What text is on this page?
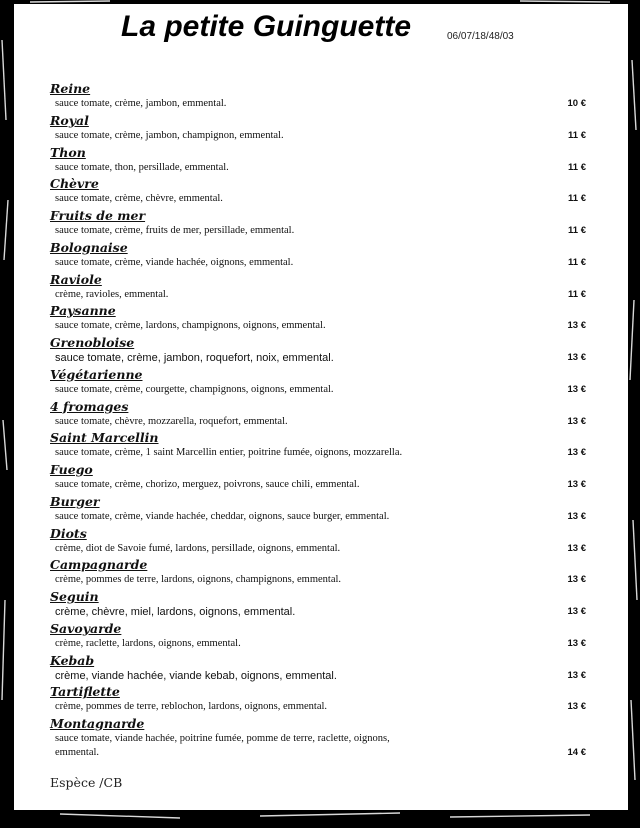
La petite Guinguette	06/07/18/48/03
Reine
sauce tomate, crème, jambon, emmental.	10 €
Royal
sauce tomate, crème, jambon, champignon, emmental.	11 €
Thon
sauce tomate, thon, persillade, emmental.	11 €
Chèvre
sauce tomate, crème, chèvre, emmental.	11 €
Fruits de mer
sauce tomate, crème, fruits de mer, persillade, emmental.	11 €
Bolognaise
sauce tomate, crème, viande hachée, oignons, emmental.	11 €
Raviole
crème, ravioles, emmental.	11 €
Paysanne
sauce tomate, crème, lardons, champignons, oignons, emmental.	13 €
Grenobloise
sauce tomate, crème, jambon, roquefort, noix, emmental.	13 €
Végétarienne
sauce tomate, crème, courgette, champignons, oignons, emmental.	13 €
4 fromages
sauce tomate, chèvre, mozzarella, roquefort, emmental.	13 €
Saint Marcellin
sauce tomate, crème, 1 saint Marcellin entier, poitrine fumée, oignons, mozzarella.	13 €
Fuego
sauce tomate, crème, chorizo, merguez, poivrons, sauce chili, emmental.	13 €
Burger
sauce tomate, crème, viande hachée, cheddar, oignons, sauce burger, emmental.	13 €
Diots
crème, diot de Savoie fumé, lardons, persillade, oignons, emmental.	13 €
Campagnarde
crème, pommes de terre, lardons, oignons, champignons, emmental.	13 €
Seguin
crème, chèvre, miel, lardons, oignons, emmental.	13 €
Savoyarde
crème, raclette, lardons, oignons, emmental.	13 €
Kebab
crème, viande hachée, viande kebab, oignons, emmental.	13 €
Tartiflette
crème, pommes de terre, reblochon, lardons, oignons, emmental.	13 €
Montagnarde
sauce tomate, viande hachée, poitrine fumée, pomme de terre, raclette, oignons, emmental.	14 €
Espèce /CB
